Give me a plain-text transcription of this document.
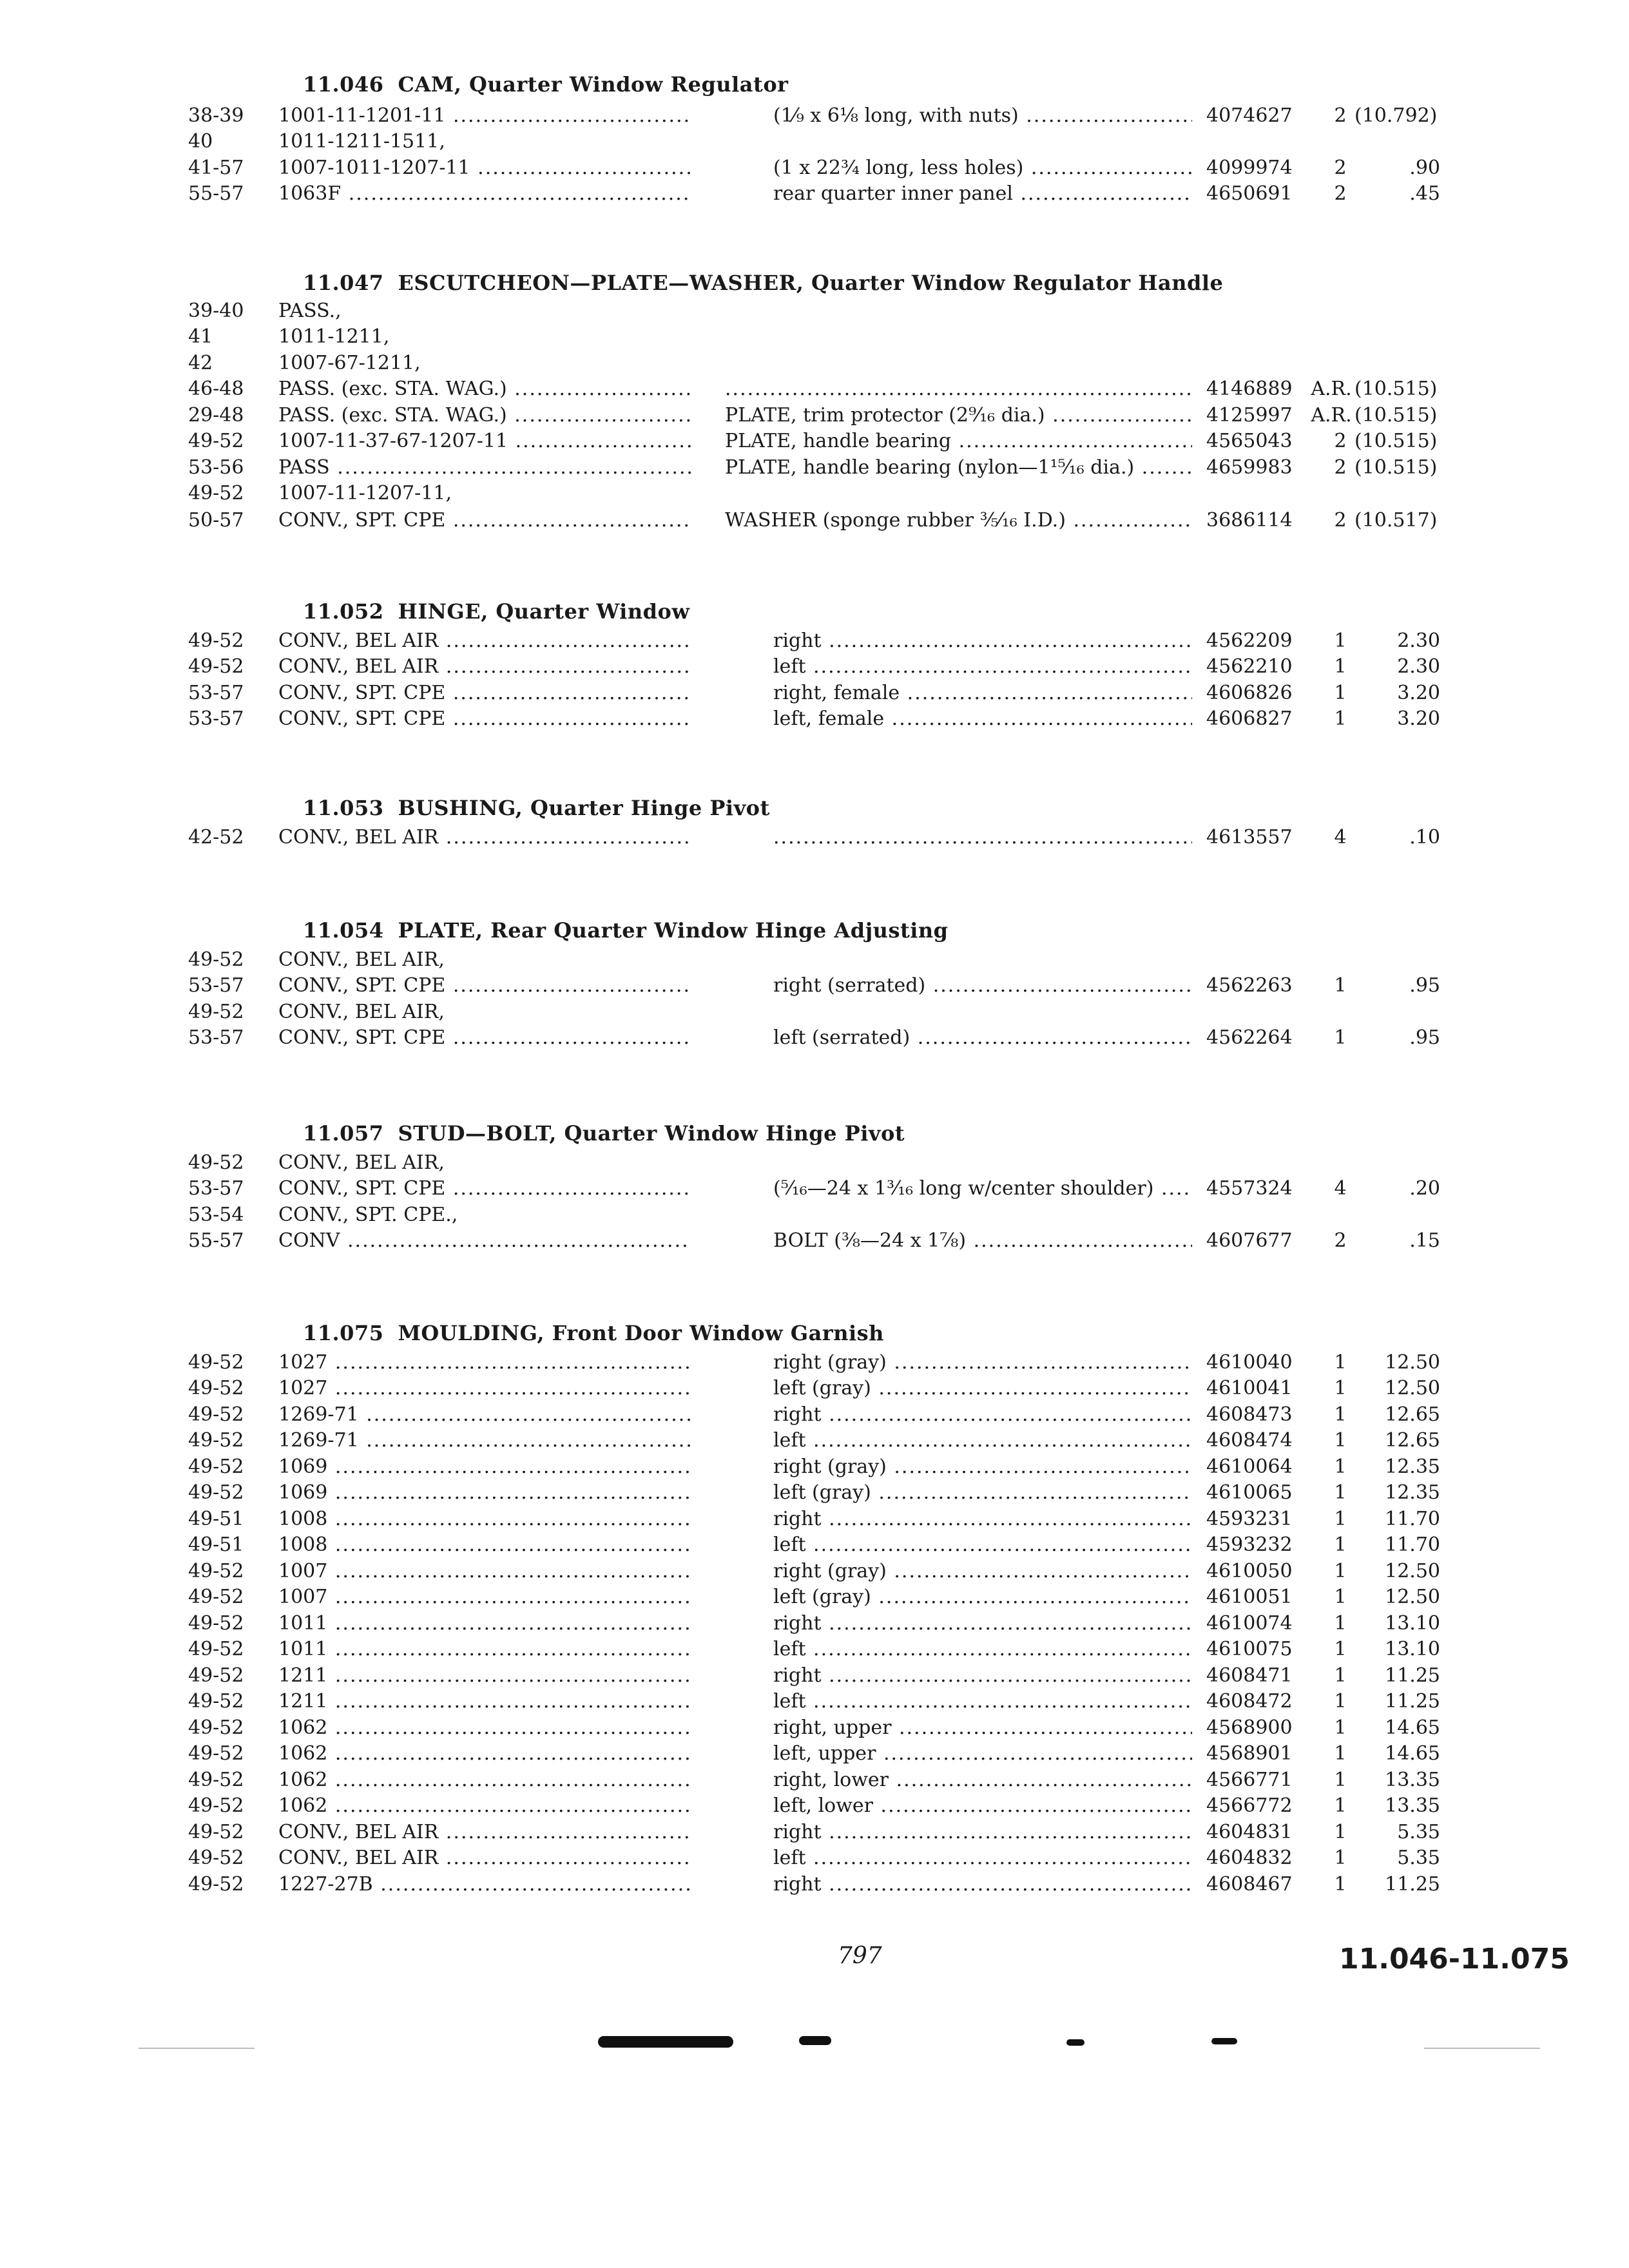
11.046 CAM, Quarter Window Regulator
38-39 1001-11-1201-11 .....	(1⁄⁡₉ x 6⅛ long, with nuts) .....	4074627	2 (10.792)
40	1011-1211-1511,
41-57 1007-1011-1207-11 .....	(1 x 22¾ long, less holes) .....	4099974	2	.90
55-57 1063F .....	rear quarter inner panel .....	4650691	2	.45
11.047 ESCUTCHEON—PLATE—WASHER, Quarter Window Regulator Handle
39-40 PASS.,
41	1011-1211,
42	1007-67-1211,
46-48 PASS. (exc. STA. WAG.) ..... .....	4146889 A.R. (10.515)
29-48 PASS. (exc. STA. WAG.) .....	PLATE, trim protector (2⁹⁄₁₆ dia.) .....	4125997 A.R. (10.515)
49-52 1007-11-37-67-1207-11 .....	PLATE, handle bearing .....	4565043	2 (10.515)
53-56 PASS .....	PLATE, handle bearing (nylon—1¹⁵⁄₁₆ dia.) .....	4659983	2 (10.515)
49-52 1007-11-1207-11,
50-57 CONV., SPT. CPE .....	WASHER (sponge rubber ⅗⁄₁₆ I.D.) .....	3686114	2 (10.517)
11.052 HINGE, Quarter Window
49-52 CONV., BEL AIR .....	right .....	4562209	1	2.30
49-52 CONV., BEL AIR .....	left .....	4562210	1	2.30
53-57 CONV., SPT. CPE .....	right, female .....	4606826	1	3.20
53-57 CONV., SPT. CPE .....	left, female .....	4606827	1	3.20
11.053 BUSHING, Quarter Hinge Pivot
42-52 CONV., BEL AIR ..... .....	4613557	4	.10
11.054 PLATE, Rear Quarter Window Hinge Adjusting
49-52 CONV., BEL AIR,
53-57 CONV., SPT. CPE .....	right (serrated) .....	4562263	1	.95
49-52 CONV., BEL AIR,
53-57 CONV., SPT. CPE .....	left (serrated) .....	4562264	1	.95
11.057 STUD—BOLT, Quarter Window Hinge Pivot
49-52 CONV., BEL AIR,
53-57 CONV., SPT. CPE .....	(⁵⁄₁₆—24 x 1³⁄₁₆ long w/center shoulder) .....	4557324	4	.20
53-54 CONV., SPT. CPE.,
55-57 CONV .....	BOLT (⅜—24 x 1⅞) .....	4607677	2	.15
11.075 MOULDING, Front Door Window Garnish
49-52 1027 .....	right (gray) .....	4610040	1	12.50
49-52 1027 .....	left (gray) .....	4610041	1	12.50
49-52 1269-71 .....	right .....	4608473	1	12.65
49-52 1269-71 .....	left .....	4608474	1	12.65
49-52 1069 .....	right (gray) .....	4610064	1	12.35
49-52 1069 .....	left (gray) .....	4610065	1	12.35
49-51 1008 .....	right .....	4593231	1	11.70
49-51 1008 .....	left .....	4593232	1	11.70
49-52 1007 .....	right (gray) .....	4610050	1	12.50
49-52 1007 .....	left (gray) .....	4610051	1	12.50
49-52 1011 .....	right .....	4610074	1	13.10
49-52 1011 .....	left .....	4610075	1	13.10
49-52 1211 .....	right .....	4608471	1	11.25
49-52 1211 .....	left .....	4608472	1	11.25
49-52 1062 .....	right, upper .....	4568900	1	14.65
49-52 1062 .....	left, upper .....	4568901	1	14.65
49-52 1062 .....	right, lower .....	4566771	1	13.35
49-52 1062 .....	left, lower .....	4566772	1	13.35
49-52 CONV., BEL AIR .....	right .....	4604831	1	5.35
49-52 CONV., BEL AIR .....	left .....	4604832	1	5.35
49-52 1227-27B .....	right .....	4608467	1	11.25
797	11.046-11.075
